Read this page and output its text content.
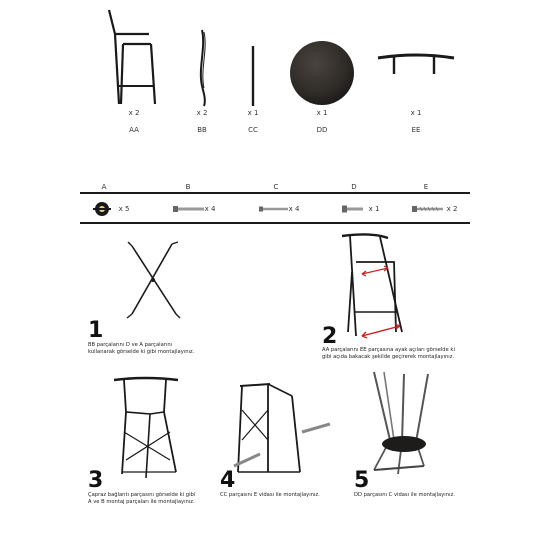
x 2	x 2	x 1	x 1	x 1
AA	BB	CC	DD	EE
A	B	C	D	E
x 5	x 4	x 4	x 1	x 2
1
BB parçalarını D ve A parçalarını
kullanarak görselde ki gibi montajlayınız.
2
AA parçalarını EE parçasına ayak açıları görselde ki
gibi açıda bakacak şekilde geçirerek montajlayınız.
3
Çapraz bağlantı parçasını görselde ki gibi
A ve B montaj parçaları ile montajlayınız.
4
CC parçasını E vidası ile montajlayınız.
5
DD parçasını C vidası ile montajlayınız.
